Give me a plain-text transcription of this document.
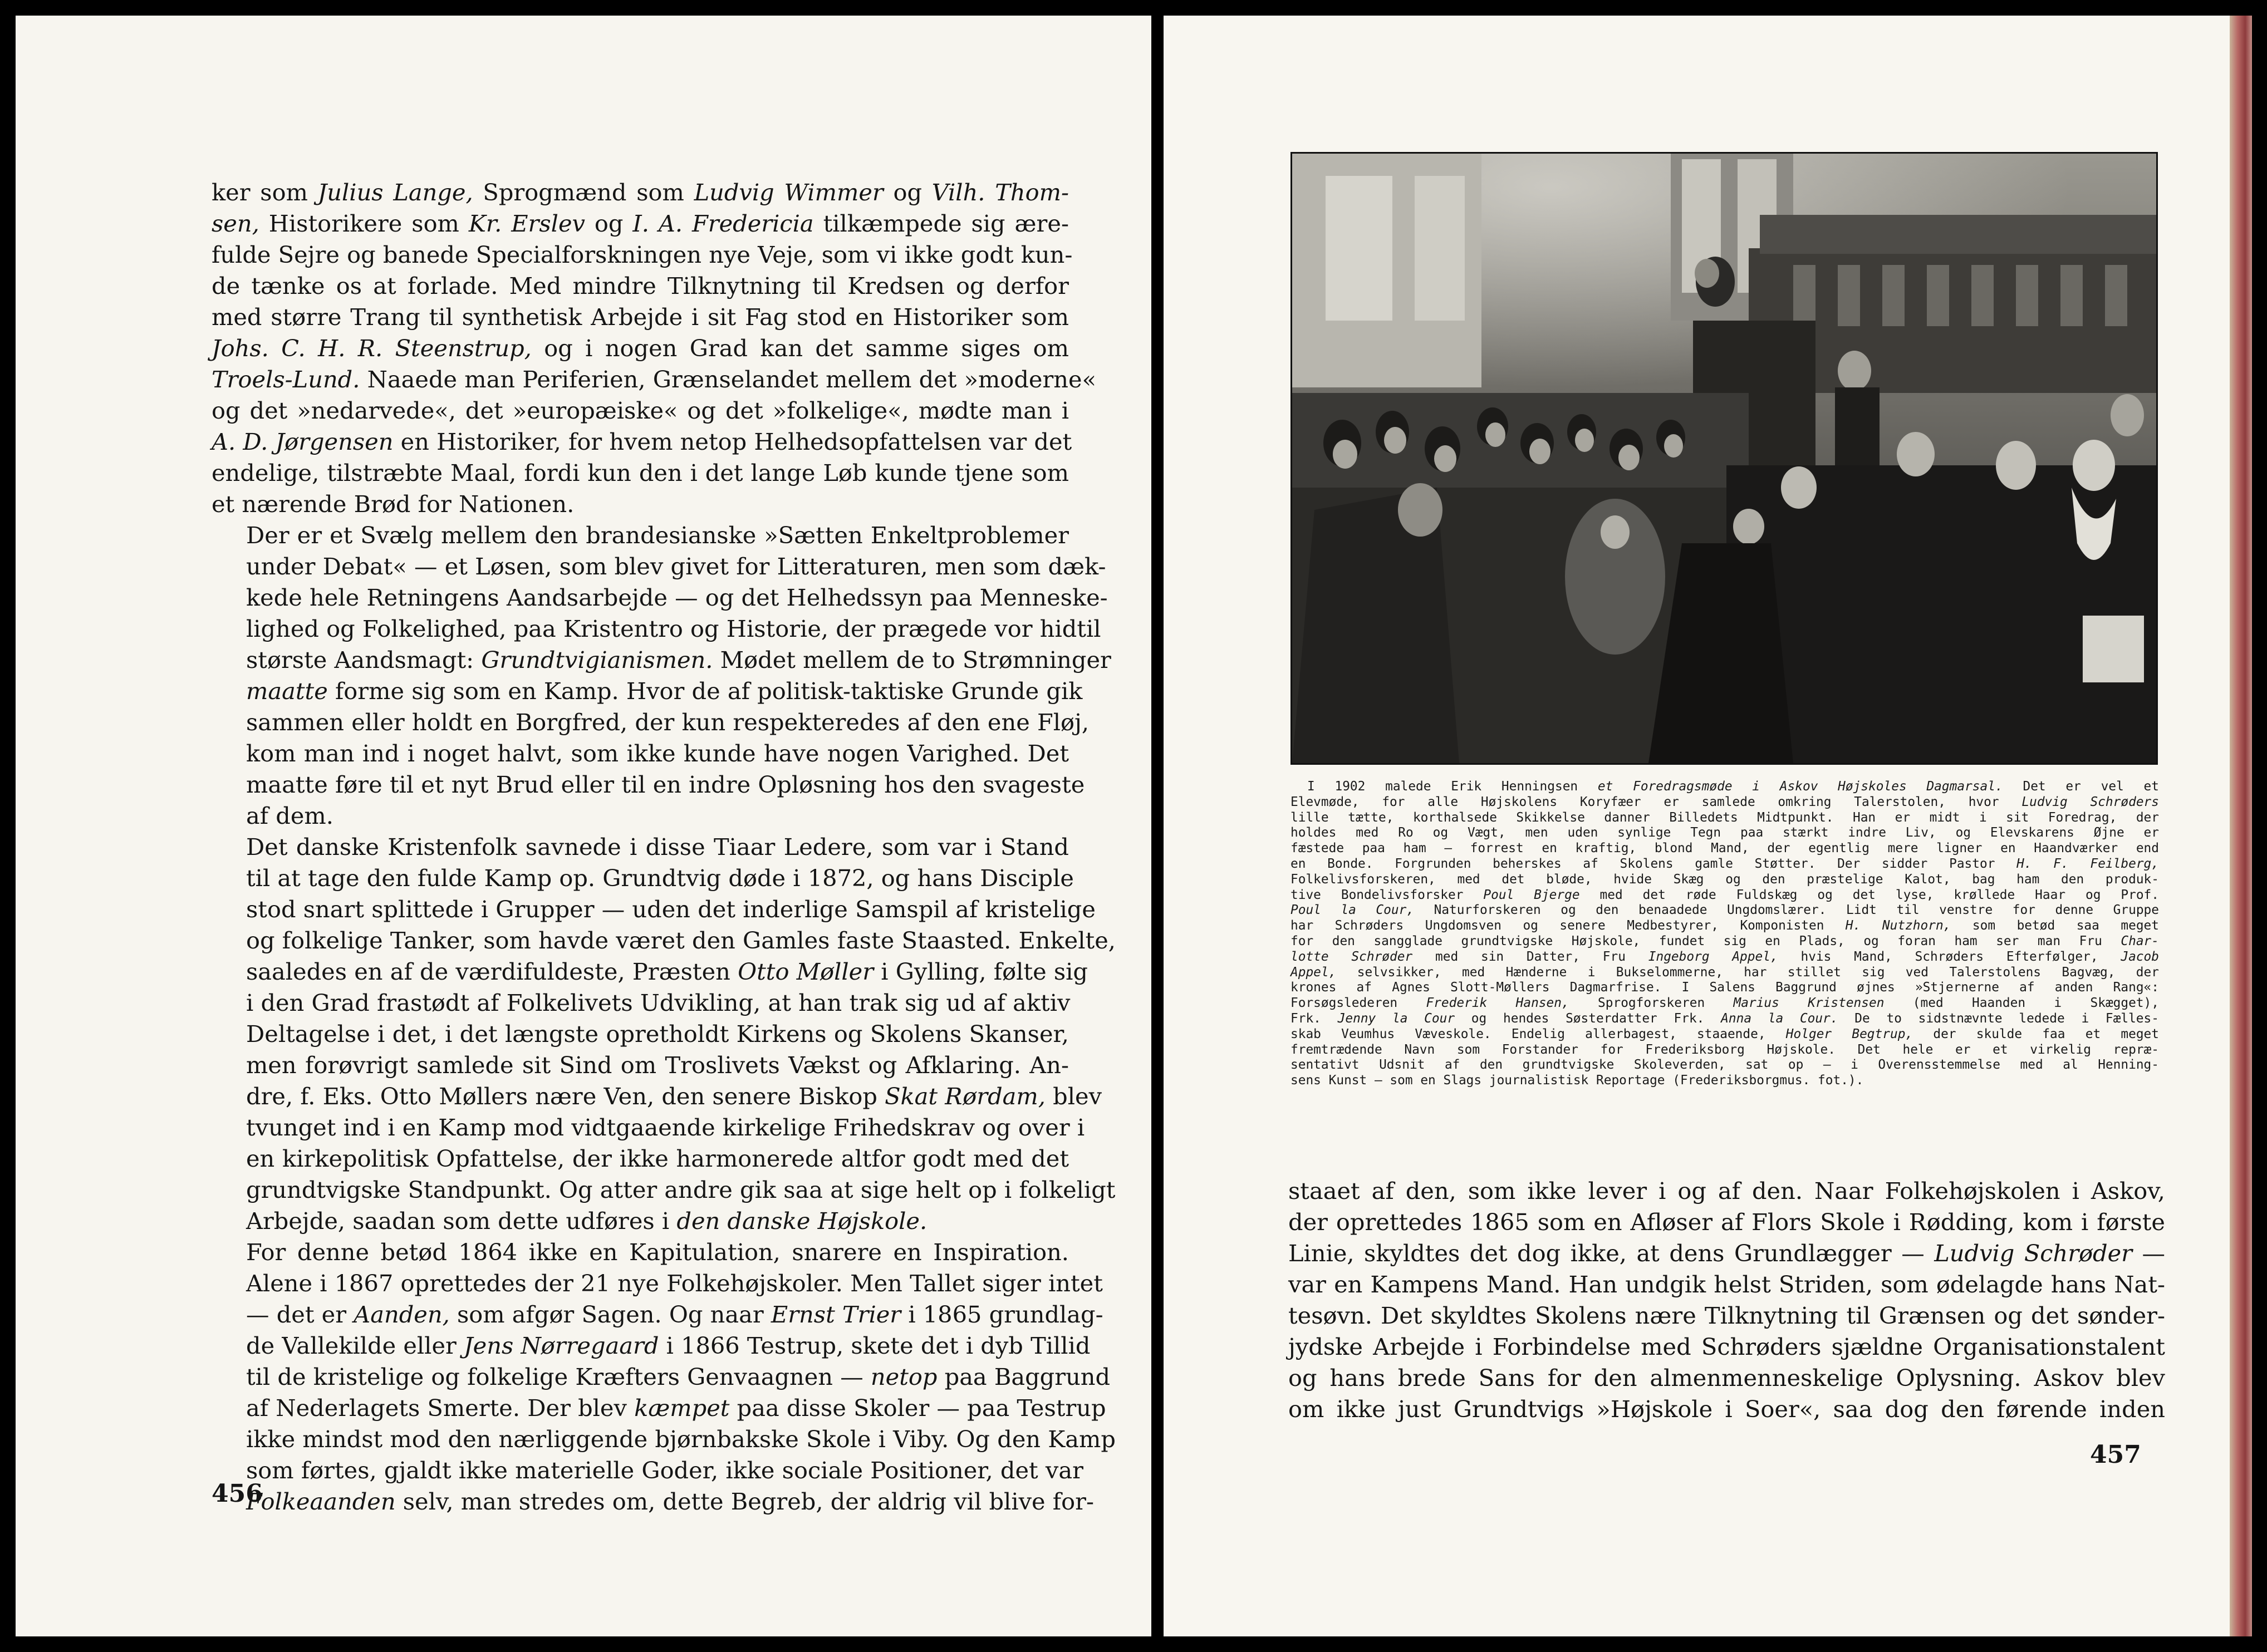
ker som Julius Lange, Sprogmænd som Ludvig Wimmer og Vilh. Thom-
sen, Historikere som Kr. Erslev og I. A. Fredericia tilkæmpede sig ære-
fulde Sejre og banede Specialforskningen nye Veje, som vi ikke godt kun-
de tænke os at forlade. Med mindre Tilknytning til Kredsen og derfor
med større Trang til synthetisk Arbejde i sit Fag stod en Historiker som
Johs. C. H. R. Steenstrup, og i nogen Grad kan det samme siges om
Troels-Lund. Naaede man Periferien, Grænselandet mellem det »moderne«
og det »nedarvede«, det »europæiske« og det »folkelige«, mødte man i
A. D. Jørgensen en Historiker, for hvem netop Helhedsopfattelsen var det
endelige, tilstræbte Maal, fordi kun den i det lange Løb kunde tjene som
et nærende Brød for Nationen.

Der er et Svælg mellem den brandesianske »Sætten Enkeltproblemer
under Debat« — et Løsen, som blev givet for Litteraturen, men som dæk-
kede hele Retningens Aandsarbejde — og det Helhedssyn paa Menneske-
lighed og Folkelighed, paa Kristentro og Historie, der prægede vor hidtil
største Aandsmagt: Grundtvigianismen. Mødet mellem de to Strømninger
maatte forme sig som en Kamp. Hvor de af politisk-taktiske Grunde gik
sammen eller holdt en Borgfred, der kun respekteredes af den ene Fløj,
kom man ind i noget halvt, som ikke kunde have nogen Varighed. Det
maatte føre til et nyt Brud eller til en indre Opløsning hos den svageste
af dem.

Det danske Kristenfolk savnede i disse Tiaar Ledere, som var i Stand
til at tage den fulde Kamp op. Grundtvig døde i 1872, og hans Disciple
stod snart splittede i Grupper — uden det inderlige Samspil af kristelige
og folkelige Tanker, som havde været den Gamles faste Staasted. Enkelte,
saaledes en af de værdifuldeste, Præsten Otto Møller i Gylling, følte sig
i den Grad frastødt af Folkelivets Udvikling, at han trak sig ud af aktiv
Deltagelse i det, i det længste opretholdt Kirkens og Skolens Skanser,
men forøvrigt samlede sit Sind om Troslivets Vækst og Afklaring. An-
dre, f. Eks. Otto Møllers nære Ven, den senere Biskop Skat Rørdam, blev
tvunget ind i en Kamp mod vidtgaaende kirkelige Frihedskrav og over i
en kirkepolitisk Opfattelse, der ikke harmonerede altfor godt med det
grundtvigske Standpunkt. Og atter andre gik saa at sige helt op i folkeligt
Arbejde, saadan som dette udføres i den danske Højskole.

For denne betød 1864 ikke en Kapitulation, snarere en Inspiration.
Alene i 1867 oprettedes der 21 nye Folkehøjskoler. Men Tallet siger intet
— det er Aanden, som afgør Sagen. Og naar Ernst Trier i 1865 grundlag-
de Vallekilde eller Jens Nørregaard i 1866 Testrup, skete det i dyb Tillid
til de kristelige og folkelige Kræfters Genvaagnen — netop paa Baggrund
af Nederlagets Smerte. Der blev kæmpet paa disse Skoler — paa Testrup
ikke mindst mod den nærliggende bjørnbakske Skole i Viby. Og den Kamp
som førtes, gjaldt ikke materielle Goder, ikke sociale Positioner, det var
Folkeaanden selv, man stredes om, dette Begreb, der aldrig vil blive for-

456
I 1902 malede Erik Henningsen et Foredragsmøde i Askov Højskoles Dagmarsal. Det er vel et
Elevmøde, for alle Højskolens Koryfæer er samlede omkring Talerstolen, hvor Ludvig Schrøders
lille tætte, korthalsede Skikkelse danner Billedets Midtpunkt. Han er midt i sit Foredrag, der
holdes med Ro og Vægt, men uden synlige Tegn paa stærkt indre Liv, og Elevskarens Øjne er
fæstede paa ham — forrest en kraftig, blond Mand, der egentlig mere ligner en Haandværker end
en Bonde. Forgrunden beherskes af Skolens gamle Støtter. Der sidder Pastor H. F. Feilberg,
Folkelivsforskeren, med det bløde, hvide Skæg og den præstelige Kalot, bag ham den produk-
tive Bondelivsforsker Poul Bjerge med det røde Fuldskæg og det lyse, krøllede Haar og Prof.
Poul la Cour, Naturforskeren og den benaadede Ungdomslærer. Lidt til venstre for denne Gruppe
har Schrøders Ungdomsven og senere Medbestyrer, Komponisten H. Nutzhorn, som betød saa meget
for den sangglade grundtvigske Højskole, fundet sig en Plads, og foran ham ser man Fru Char-
lotte Schrøder med sin Datter, Fru Ingeborg Appel, hvis Mand, Schrøders Efterfølger, Jacob
Appel, selvsikker, med Hænderne i Bukselommerne, har stillet sig ved Talerstolens Bagvæg, der
krones af Agnes Slott-Møllers Dagmarfrise. I Salens Baggrund øjnes »Stjernerne af anden Rang«:
Forsøgslederen Frederik Hansen, Sprogforskeren Marius Kristensen (med Haanden i Skægget),
Frk. Jenny la Cour og hendes Søsterdatter Frk. Anna la Cour. De to sidstnævnte ledede i Fælles-
skab Veumhus Væveskole. Endelig allerbagest, staaende, Holger Begtrup, der skulde faa et meget
fremtrædende Navn som Forstander for Frederiksborg Højskole. Det hele er et virkelig repræ-
sentativt Udsnit af den grundtvigske Skoleverden, sat op — i Overensstemmelse med al Henning-
sens Kunst — som en Slags journalistisk Reportage (Frederiksborgmus. fot.).
staaet af den, som ikke lever i og af den. Naar Folkehøjskolen i Askov,
der oprettedes 1865 som en Afløser af Flors Skole i Rødding, kom i første
Linie, skyldtes det dog ikke, at dens Grundlægger — Ludvig Schrøder —
var en Kampens Mand. Han undgik helst Striden, som ødelagde hans Nat-
tesøvn. Det skyldtes Skolens nære Tilknytning til Grænsen og det sønder-
jydske Arbejde i Forbindelse med Schrøders sjældne Organisationstalent
og hans brede Sans for den almenmenneskelige Oplysning. Askov blev
om ikke just Grundtvigs »Højskole i Soer«, saa dog den førende inden
457
